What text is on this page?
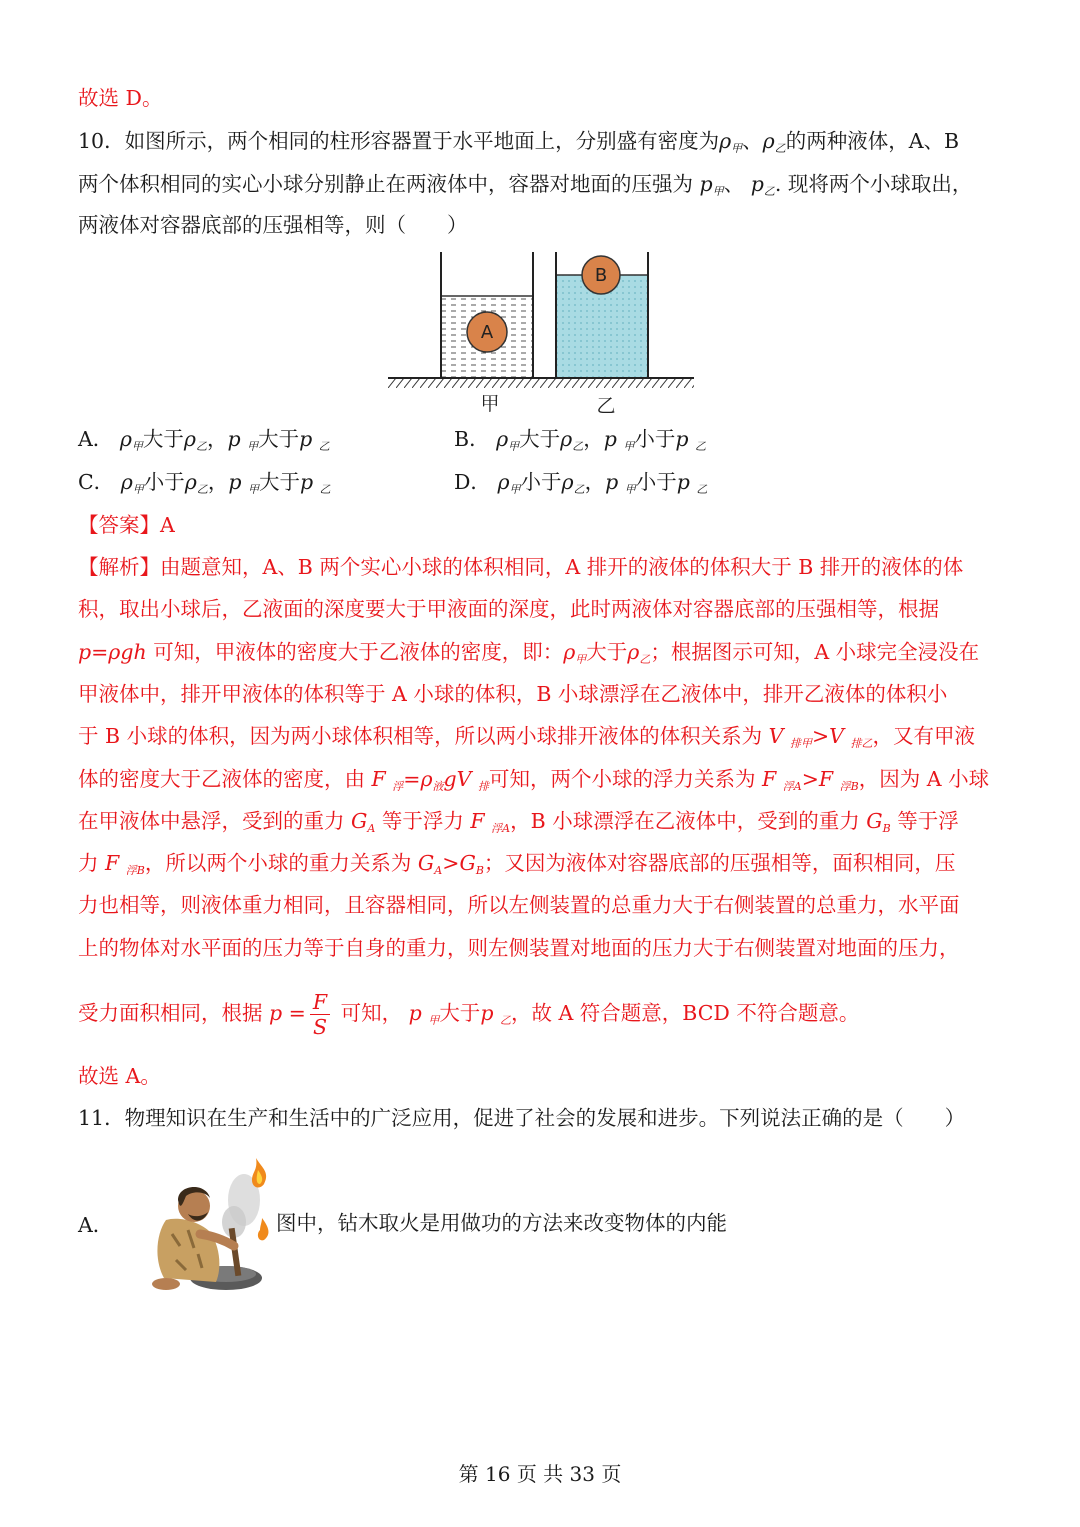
故选 D。
10．如图所示，两个相同的柱形容器置于水平地面上，分别盛有密度为$\rho_甲$、$\rho_乙$的两种液体，A、B
两个体积相同的实心小球分别静止在两液体中，容器对地面的压强为 $p_甲$、 $p_乙$. 现将两个小球取出，
两液体对容器底部的压强相等，则（　　）
A． $\rho_甲$大于$\rho_乙$，p $_甲$大于p $_乙$	B． $\rho_甲$大于$\rho_乙$，p $_甲$小于p $_乙$
C． $\rho_甲$小于$\rho_乙$，p $_甲$大于p $_乙$	D． $\rho_甲$小于$\rho_乙$，p $_甲$小于p $_乙$
【答案】A
【解析】由题意知，A、B 两个实心小球的体积相同，A 排开的液体的体积大于 B 排开的液体的体
积，取出小球后，乙液面的深度要大于甲液面的深度，此时两液体对容器底部的压强相等，根据
p=ρgh 可知，甲液体的密度大于乙液体的密度，即：$\rho_甲$大于$\rho_乙$；根据图示可知，A 小球完全浸没在
甲液体中，排开甲液体的体积等于 A 小球的体积，B 小球漂浮在乙液体中，排开乙液体的体积小
于 B 小球的体积，因为两小球体积相等，所以两小球排开液体的体积关系为 V $_{排甲}$>V $_{排乙}$，又有甲液
体的密度大于乙液体的密度，由 F $_浮=\rho_液gV$ $_排$可知，两个小球的浮力关系为 F $_{浮A}$>F $_{浮B}$，因为 A 小球
在甲液体中悬浮，受到的重力 $G_A$ 等于浮力 F $_{浮A}$，B 小球漂浮在乙液体中，受到的重力 $G_B$ 等于浮
力 F $_{浮B}$，所以两个小球的重力关系为 $G_A>G_B$；又因为液体对容器底部的压强相等，面积相同，压
力也相等，则液体重力相同，且容器相同，所以左侧装置的总重力大于右侧装置的总重力，水平面
上的物体对水平面的压力等于自身的重力，则左侧装置对地面的压力大于右侧装置对地面的压力，
受力面积相同，根据 $p = \frac{F}{S}$ 可知， p $_甲$大于p $_乙$，故 A 符合题意，BCD 不符合题意。
故选 A。
11．物理知识在生产和生活中的广泛应用，促进了社会的发展和进步。下列说法正确的是（　　）
A．	图中，钻木取火是用做功的方法来改变物体的内能
A
B
甲	乙
第 16 页 共 33 页
